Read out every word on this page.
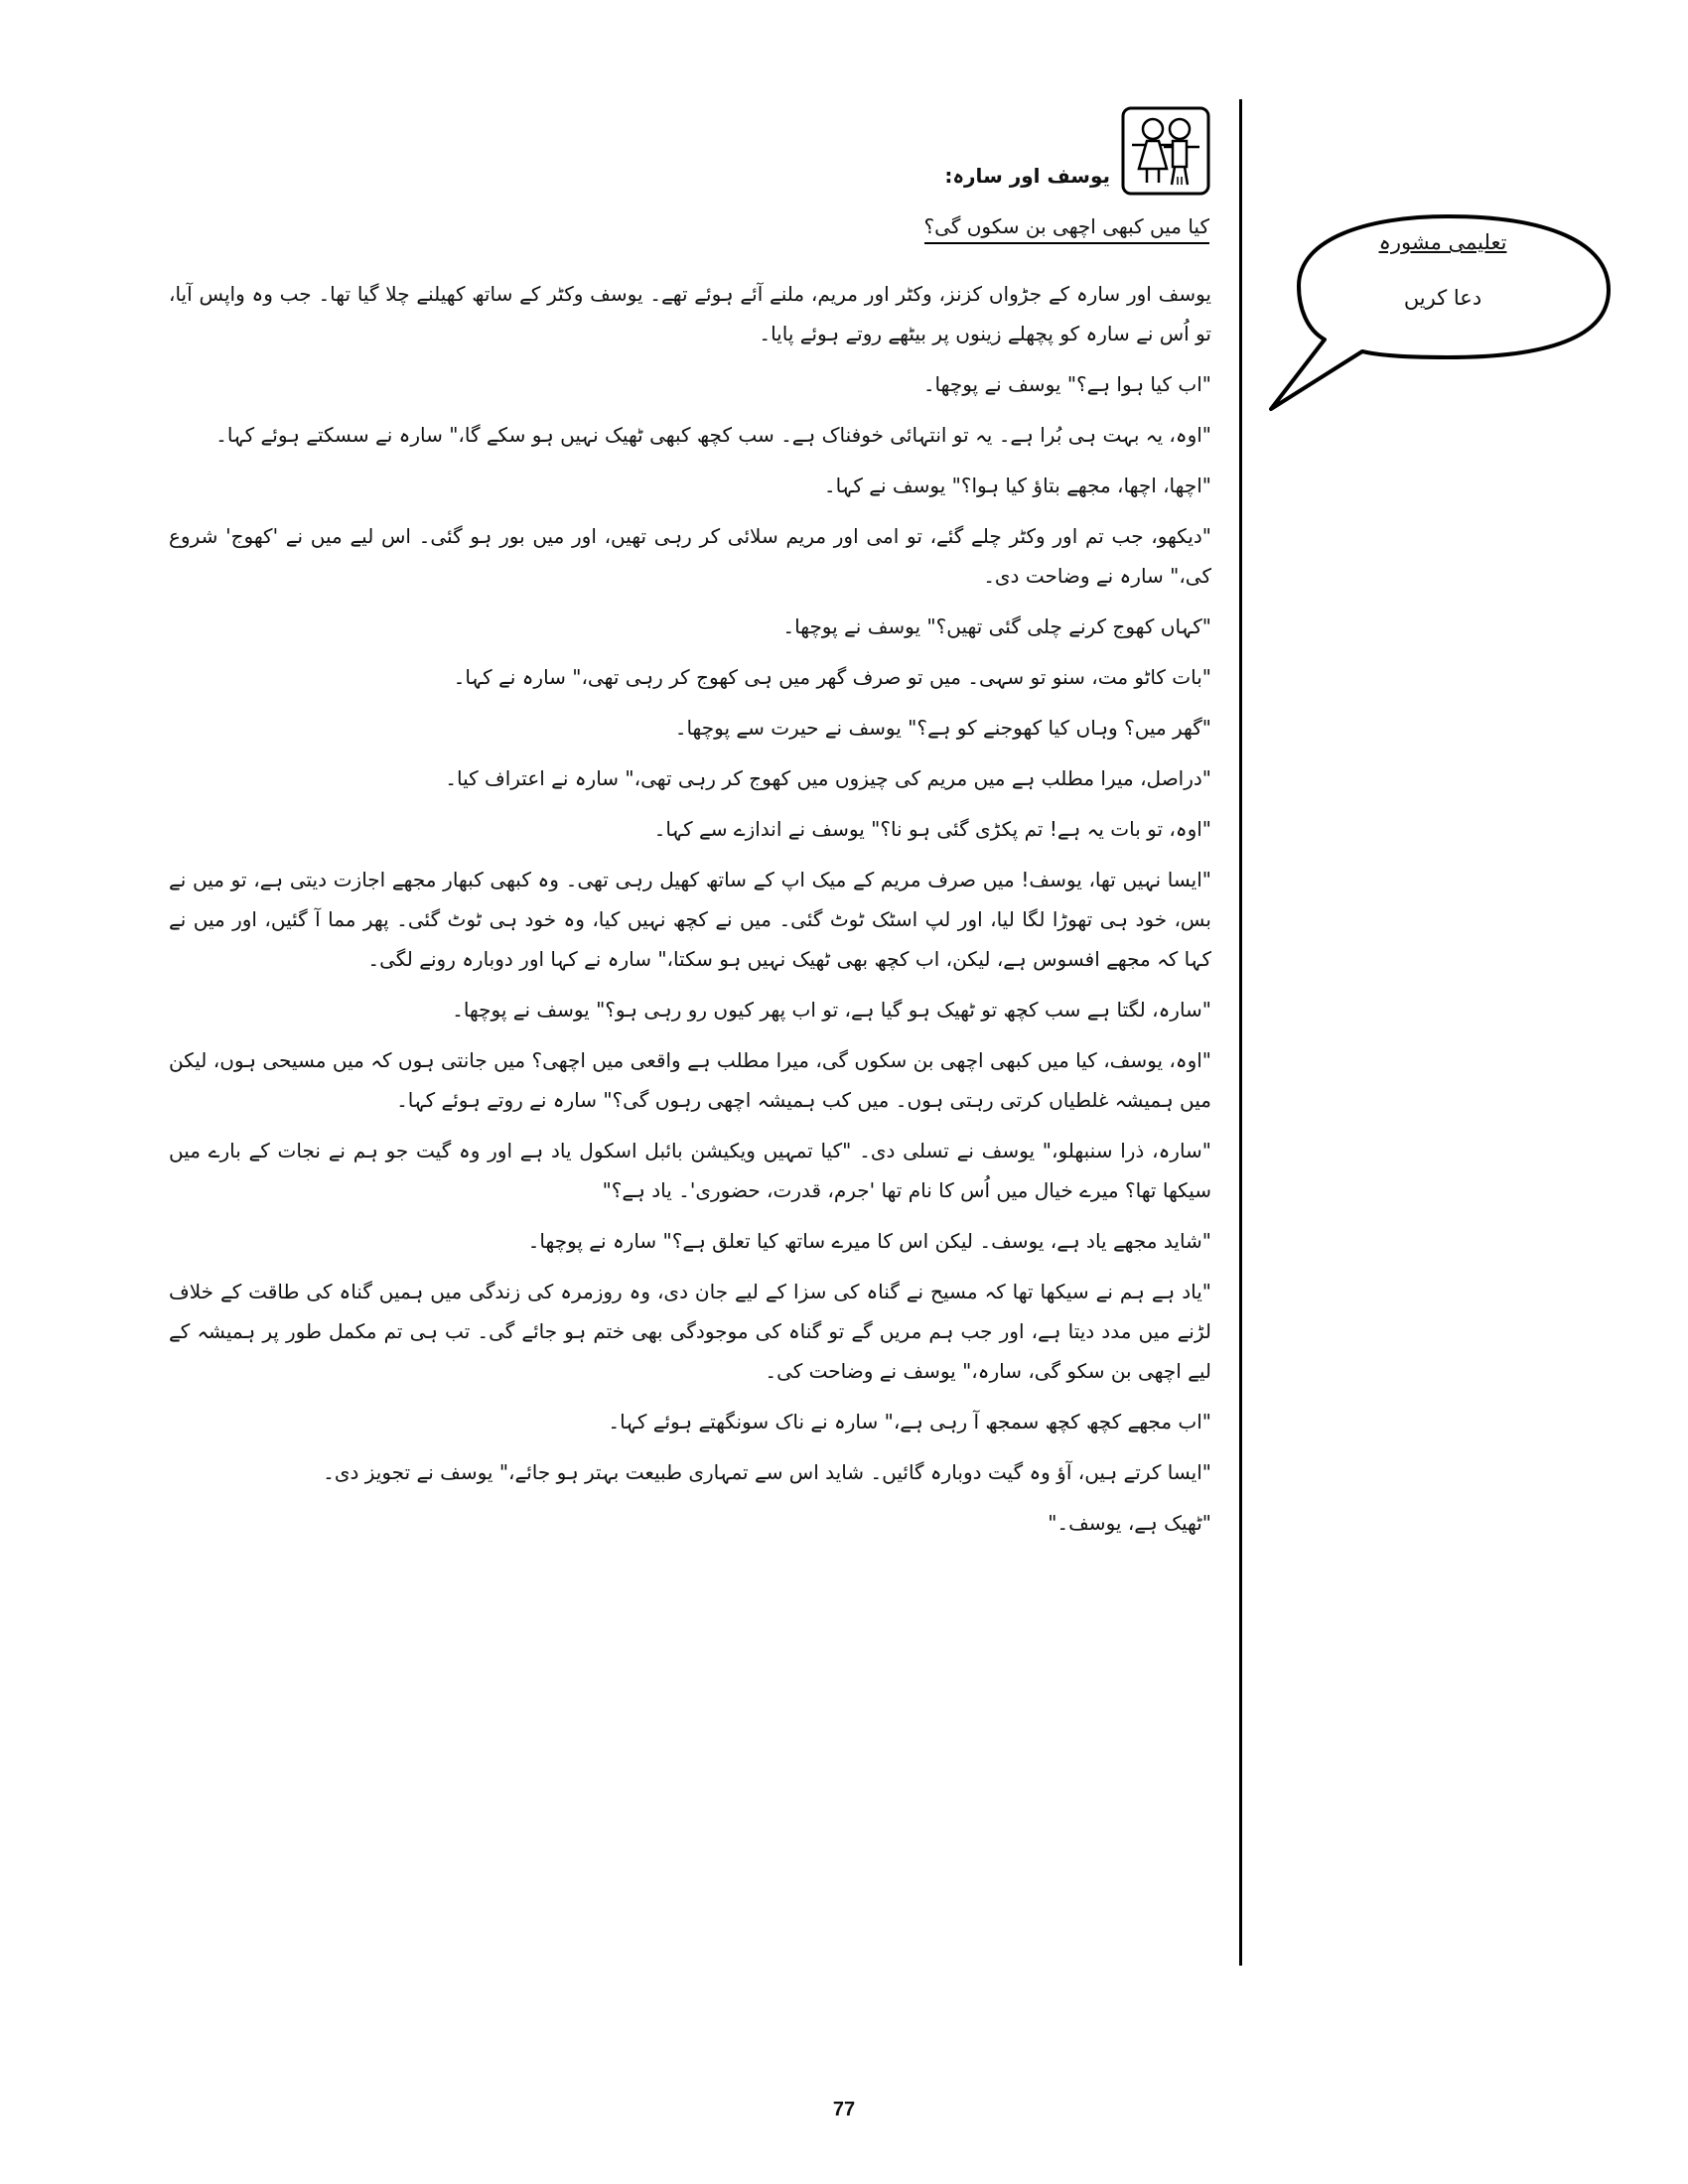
تعلیمی مشورہ
دعا کریں
یوسف اور سارہ:
کیا میں کبھی اچھی بن سکوں گی؟

یوسف اور سارہ کے جڑواں کزنز، وکٹر اور مریم، ملنے آئے ہوئے تھے۔ یوسف وکٹر کے ساتھ کھیلنے چلا گیا تھا۔ جب وہ واپس آیا، تو اُس نے سارہ کو پچھلے زینوں پر بیٹھے روتے ہوئے پایا۔

"اب کیا ہوا ہے؟" یوسف نے پوچھا۔

"اوہ، یہ بہت ہی بُرا ہے۔ یہ تو انتہائی خوفناک ہے۔ سب کچھ کبھی ٹھیک نہیں ہو سکے گا،" سارہ نے سسکتے ہوئے کہا۔

"اچھا، اچھا، مجھے بتاؤ کیا ہوا؟" یوسف نے کہا۔

"دیکھو، جب تم اور وکٹر چلے گئے، تو امی اور مریم سلائی کر رہی تھیں، اور میں بور ہو گئی۔ اس لیے میں نے 'کھوج' شروع کی،" سارہ نے وضاحت دی۔

"کہاں کھوج کرنے چلی گئی تھیں؟" یوسف نے پوچھا۔

"بات کاٹو مت، سنو تو سہی۔ میں تو صرف گھر میں ہی کھوج کر رہی تھی،" سارہ نے کہا۔

"گھر میں؟ وہاں کیا کھوجنے کو ہے؟" یوسف نے حیرت سے پوچھا۔

"دراصل، میرا مطلب ہے میں مریم کی چیزوں میں کھوج کر رہی تھی،" سارہ نے اعتراف کیا۔

"اوہ، تو بات یہ ہے! تم پکڑی گئی ہو نا؟" یوسف نے اندازے سے کہا۔

"ایسا نہیں تھا، یوسف! میں صرف مریم کے میک اپ کے ساتھ کھیل رہی تھی۔ وہ کبھی کبھار مجھے اجازت دیتی ہے، تو میں نے بس، خود ہی تھوڑا لگا لیا، اور لپ اسٹک ٹوٹ گئی۔ میں نے کچھ نہیں کیا، وہ خود ہی ٹوٹ گئی۔ پھر مما آ گئیں، اور میں نے کہا کہ مجھے افسوس ہے، لیکن، اب کچھ بھی ٹھیک نہیں ہو سکتا،" سارہ نے کہا اور دوبارہ رونے لگی۔

"سارہ، لگتا ہے سب کچھ تو ٹھیک ہو گیا ہے، تو اب پھر کیوں رو رہی ہو؟" یوسف نے پوچھا۔

"اوہ، یوسف، کیا میں کبھی اچھی بن سکوں گی، میرا مطلب ہے واقعی میں اچھی؟ میں جانتی ہوں کہ میں مسیحی ہوں، لیکن میں ہمیشہ غلطیاں کرتی رہتی ہوں۔ میں کب ہمیشہ اچھی رہوں گی؟" سارہ نے روتے ہوئے کہا۔

"سارہ، ذرا سنبھلو،" یوسف نے تسلی دی۔ "کیا تمہیں ویکیشن بائبل اسکول یاد ہے اور وہ گیت جو ہم نے نجات کے بارے میں سیکھا تھا؟ میرے خیال میں اُس کا نام تھا 'جرم، قدرت، حضوری'۔ یاد ہے؟"

"شاید مجھے یاد ہے، یوسف۔ لیکن اس کا میرے ساتھ کیا تعلق ہے؟" سارہ نے پوچھا۔

"یاد ہے ہم نے سیکھا تھا کہ مسیح نے گناہ کی سزا کے لیے جان دی، وہ روزمرہ کی زندگی میں ہمیں گناہ کی طاقت کے خلاف لڑنے میں مدد دیتا ہے، اور جب ہم مریں گے تو گناہ کی موجودگی بھی ختم ہو جائے گی۔ تب ہی تم مکمل طور پر ہمیشہ کے لیے اچھی بن سکو گی، سارہ،" یوسف نے وضاحت کی۔

"اب مجھے کچھ کچھ سمجھ آ رہی ہے،" سارہ نے ناک سونگھتے ہوئے کہا۔

"ایسا کرتے ہیں، آؤ وہ گیت دوبارہ گائیں۔ شاید اس سے تمہاری طبیعت بہتر ہو جائے،" یوسف نے تجویز دی۔

"ٹھیک ہے، یوسف۔"

77
